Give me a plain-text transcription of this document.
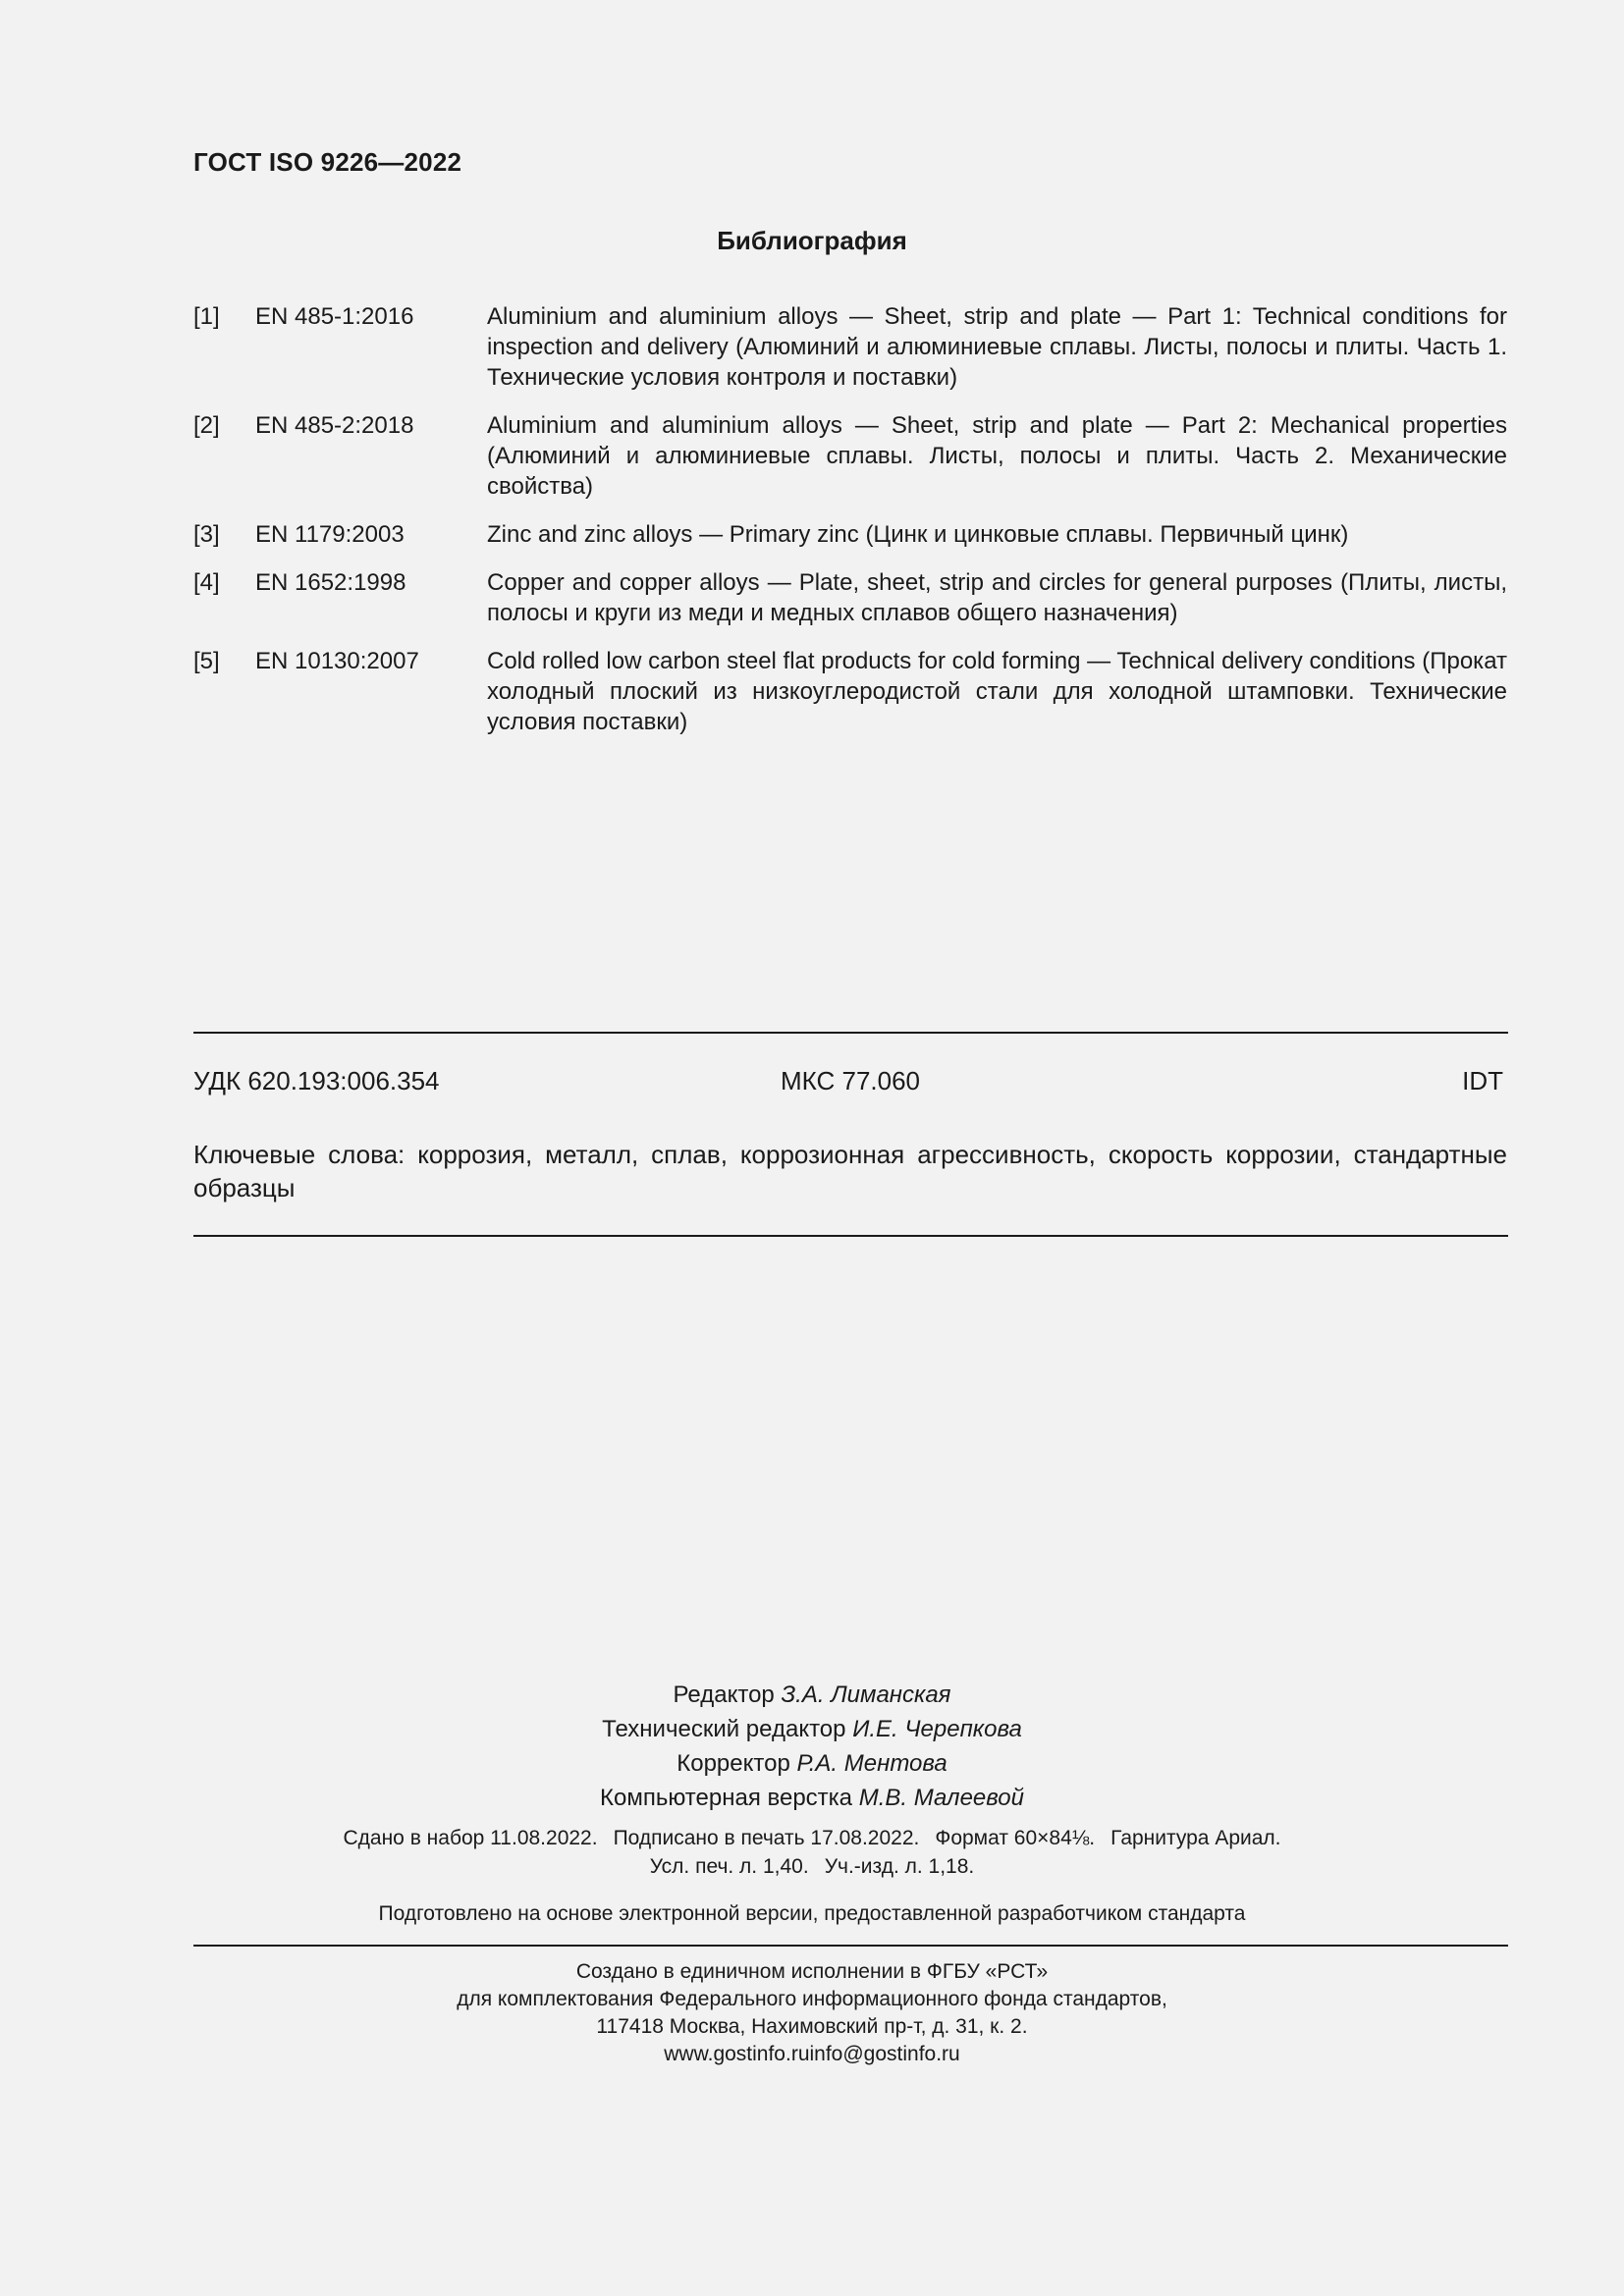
ГОСТ ISO 9226—2022
Библиография
[1] EN 485-1:2016	Aluminium and aluminium alloys — Sheet, strip and plate — Part 1: Technical conditions for inspection and delivery (Алюминий и алюминиевые сплавы. Листы, полосы и плиты. Часть 1. Технические условия контроля и поставки)
[2] EN 485-2:2018	Aluminium and aluminium alloys — Sheet, strip and plate — Part 2: Mechanical properties (Алюминий и алюминиевые сплавы. Листы, полосы и плиты. Часть 2. Механические свойства)
[3] EN 1179:2003	Zinc and zinc alloys — Primary zinc (Цинк и цинковые сплавы. Первичный цинк)
[4] EN 1652:1998	Copper and copper alloys — Plate, sheet, strip and circles for general purposes (Плиты, листы, полосы и круги из меди и медных сплавов общего назначения)
[5] EN 10130:2007	Cold rolled low carbon steel flat products for cold forming — Technical delivery conditions (Прокат холодный плоский из низкоуглеродистой стали для холодной штамповки. Технические условия поставки)
УДК 620.193:006.354	МКС 77.060	IDT
Ключевые слова: коррозия, металл, сплав, коррозионная агрессивность, скорость коррозии, стандартные образцы
Редактор З.А. Лиманская
Технический редактор И.Е. Черепкова
Корректор Р.А. Ментова
Компьютерная верстка М.В. Малеевой
Сдано в набор 11.08.2022. Подписано в печать 17.08.2022. Формат 60×84⅛. Гарнитура Ариал.
Усл. печ. л. 1,40. Уч.-изд. л. 1,18.
Подготовлено на основе электронной версии, предоставленной разработчиком стандарта
Создано в единичном исполнении в ФГБУ «РСТ»
для комплектования Федерального информационного фонда стандартов,
117418 Москва, Нахимовский пр-т, д. 31, к. 2.
www.gostinfo.ruinfo@gostinfo.ru
